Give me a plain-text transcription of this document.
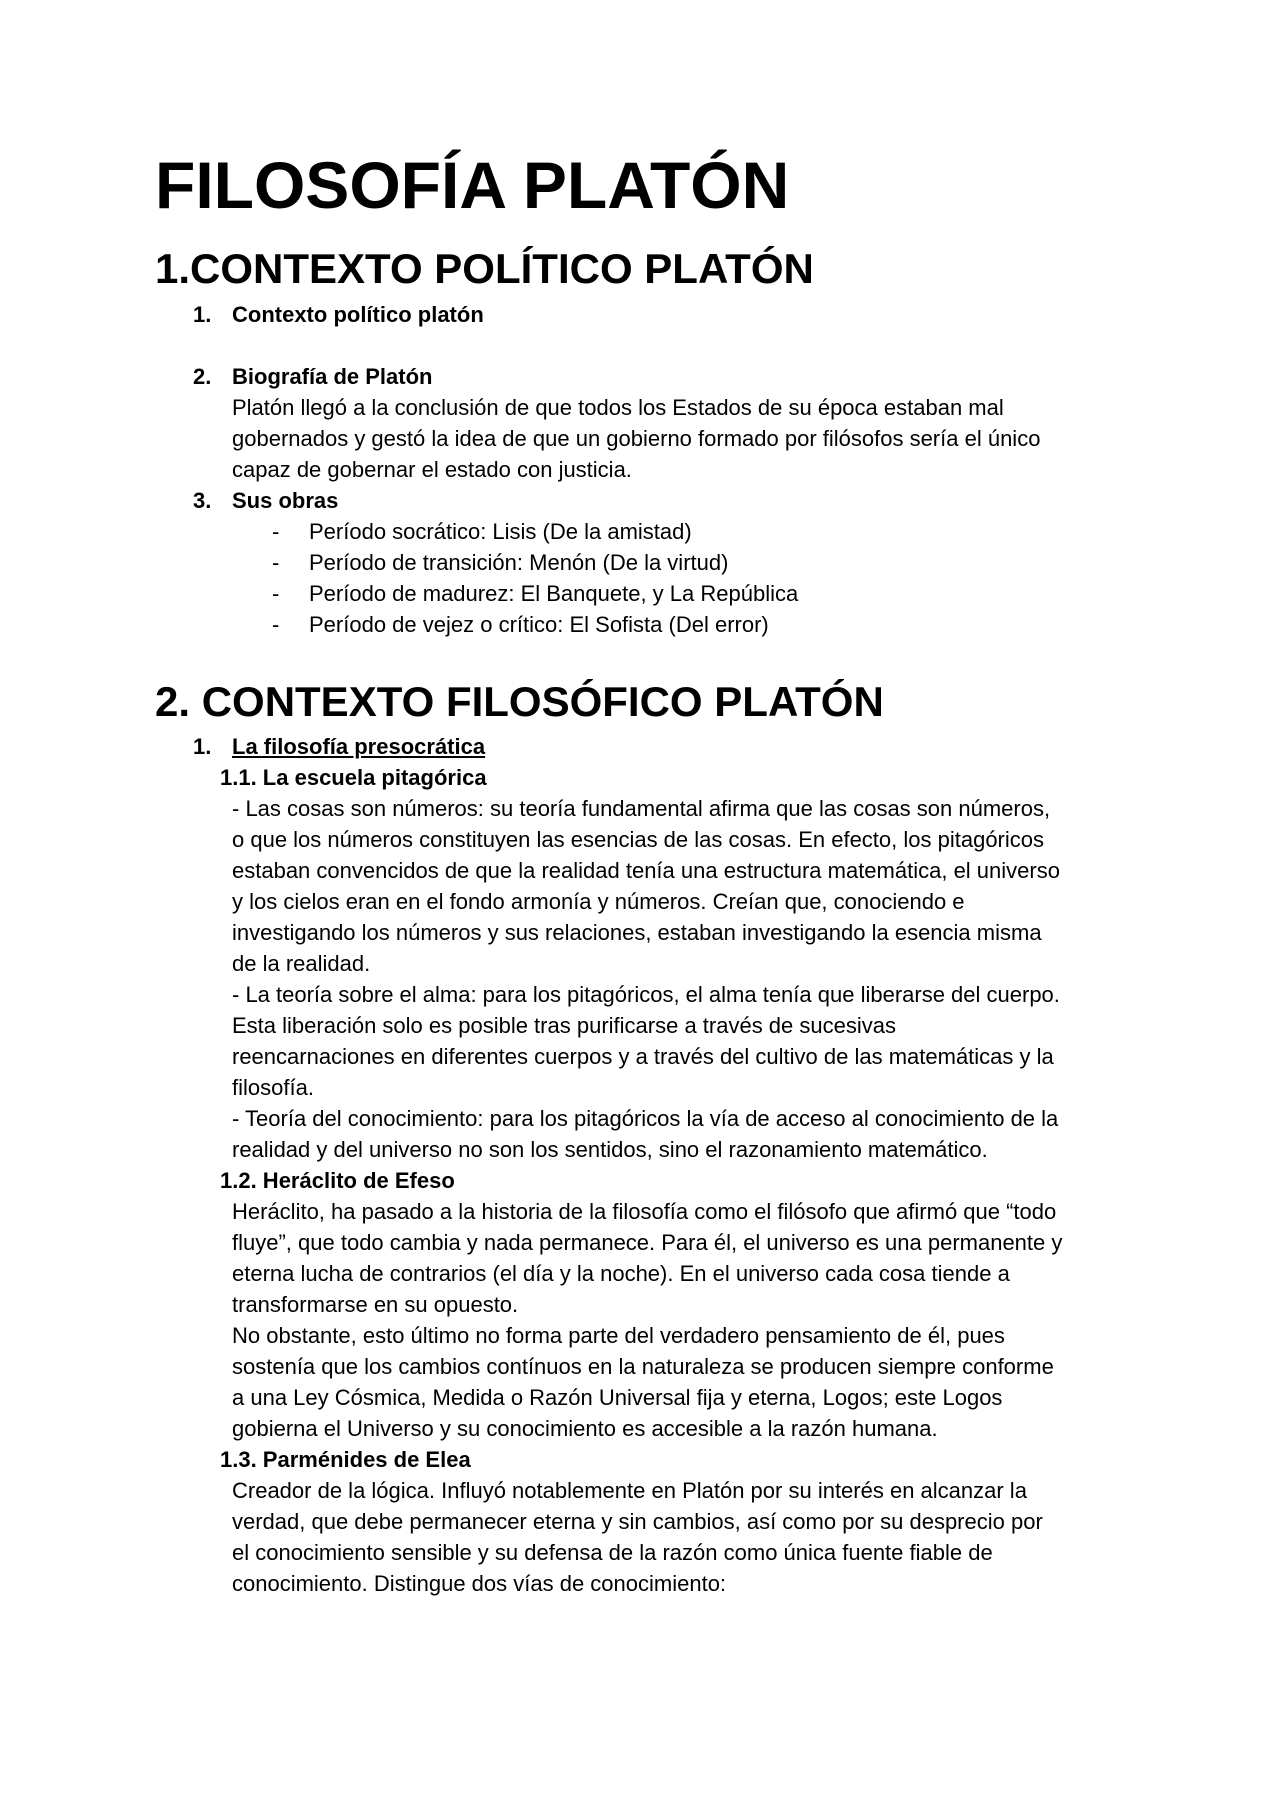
FILOSOFÍA PLATÓN
1.CONTEXTO POLÍTICO PLATÓN
1. Contexto político platón
2. Biografía de Platón
Platón llegó a la conclusión de que todos los Estados de su época estaban mal
gobernados y gestó la idea de que un gobierno formado por filósofos sería el único
capaz de gobernar el estado con justicia.
3. Sus obras
- Período socrático: Lisis (De la amistad)
- Período de transición: Menón (De la virtud)
- Período de madurez: El Banquete, y La República
- Período de vejez o crítico: El Sofista (Del error)
2. CONTEXTO FILOSÓFICO PLATÓN
1. La filosofía presocrática
1.1. La escuela pitagórica
- Las cosas son números: su teoría fundamental afirma que las cosas son números,
o que los números constituyen las esencias de las cosas. En efecto, los pitagóricos
estaban convencidos de que la realidad tenía una estructura matemática, el universo
y los cielos eran en el fondo armonía y números. Creían que, conociendo e
investigando los números y sus relaciones, estaban investigando la esencia misma
de la realidad.
- La teoría sobre el alma: para los pitagóricos, el alma tenía que liberarse del cuerpo.
Esta liberación solo es posible tras purificarse a través de sucesivas
reencarnaciones en diferentes cuerpos y a través del cultivo de las matemáticas y la
filosofía.
- Teoría del conocimiento: para los pitagóricos la vía de acceso al conocimiento de la
realidad y del universo no son los sentidos, sino el razonamiento matemático.
1.2. Heráclito de Efeso
Heráclito, ha pasado a la historia de la filosofía como el filósofo que afirmó que “todo
fluye”, que todo cambia y nada permanece. Para él, el universo es una permanente y
eterna lucha de contrarios (el día y la noche). En el universo cada cosa tiende a
transformarse en su opuesto.
No obstante, esto último no forma parte del verdadero pensamiento de él, pues
sostenía que los cambios contínuos en la naturaleza se producen siempre conforme
a una Ley Cósmica, Medida o Razón Universal fija y eterna, Logos; este Logos
gobierna el Universo y su conocimiento es accesible a la razón humana.
1.3. Parménides de Elea
Creador de la lógica. Influyó notablemente en Platón por su interés en alcanzar la
verdad, que debe permanecer eterna y sin cambios, así como por su desprecio por
el conocimiento sensible y su defensa de la razón como única fuente fiable de
conocimiento. Distingue dos vías de conocimiento:
